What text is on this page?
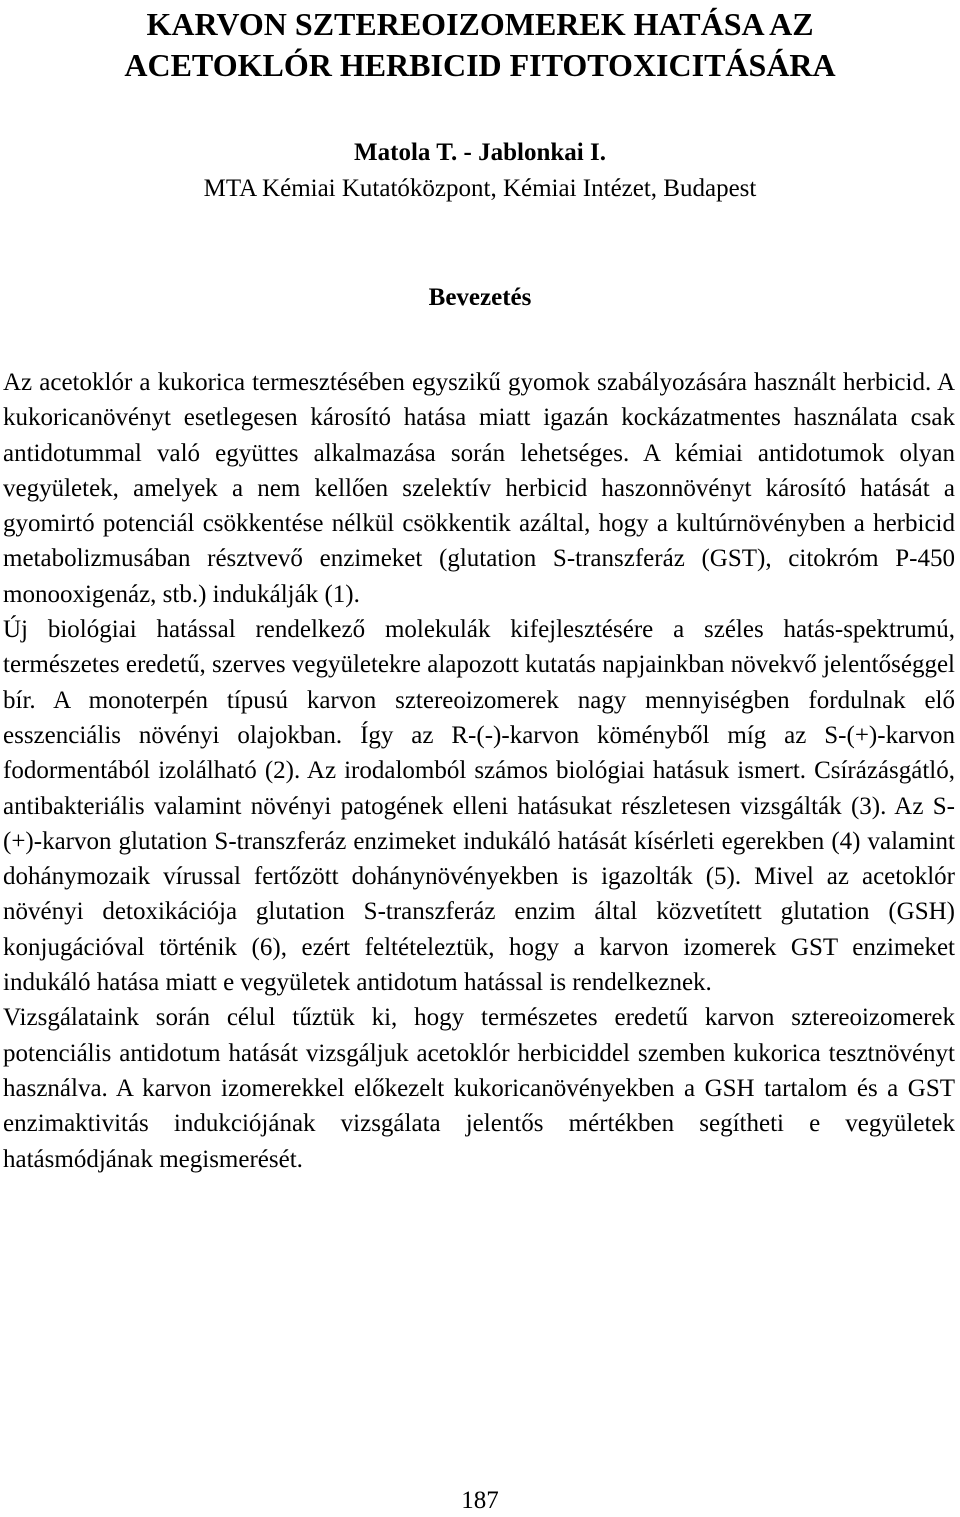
KARVON SZTEREOIZOMEREK HATÁSA AZ
ACETOKLÓR HERBICID FITOTOXICITÁSÁRA

Matola T. - Jablonkai I.

MTA Kémiai Kutatóközpont, Kémiai Intézet, Budapest

Bevezetés

Az acetoklór a kukorica termesztésében egyszikű gyomok szabályozására használt herbicid. A kukoricanövényt esetlegesen károsító hatása miatt igazán kockázatmentes használata csak antidotummal való együttes alkalmazása során lehetséges. A kémiai antidotumok olyan vegyületek, amelyek a nem kellően szelektív herbicid haszonnövényt károsító hatását a gyomirtó potenciál csökkentése nélkül csökkentik azáltal, hogy a kultúrnövényben a herbicid metabolizmusában résztvevő enzimeket (glutation S-transzferáz (GST), citokróm P-450 monooxigenáz, stb.) indukálják (1).

Új biológiai hatással rendelkező molekulák kifejlesztésére a széles hatás-spektrumú, természetes eredetű, szerves vegyületekre alapozott kutatás napjainkban növekvő jelentőséggel bír. A monoterpén típusú karvon sztereoizomerek nagy mennyiségben fordulnak elő esszenciális növényi olajokban. Így az R-(-)-karvon köményből míg az S-(+)-karvon fodormentából izolálható (2). Az irodalomból számos biológiai hatásuk ismert. Csírázásgátló, antibakteriális valamint növényi patogének elleni hatásukat részletesen vizsgálták (3). Az S-(+)-karvon glutation S-transzferáz enzimeket indukáló hatását kísérleti egerekben (4) valamint dohánymozaik vírussal fertőzött dohánynövényekben is igazolták (5). Mivel az acetoklór növényi detoxikációja glutation S-transzferáz enzim által közvetített glutation (GSH) konjugációval történik (6), ezért feltételeztük, hogy a karvon izomerek GST enzimeket indukáló hatása miatt e vegyületek antidotum hatással is rendelkeznek.

Vizsgálataink során célul tűztük ki, hogy természetes eredetű karvon sztereoizomerek potenciális antidotum hatását vizsgáljuk acetoklór herbiciddel szemben kukorica tesztnövényt használva. A karvon izomerekkel előkezelt kukoricanövényekben a GSH tartalom és a GST enzimaktivitás indukciójának vizsgálata jelentős mértékben segítheti e vegyületek hatásmódjának megismerését.

187
